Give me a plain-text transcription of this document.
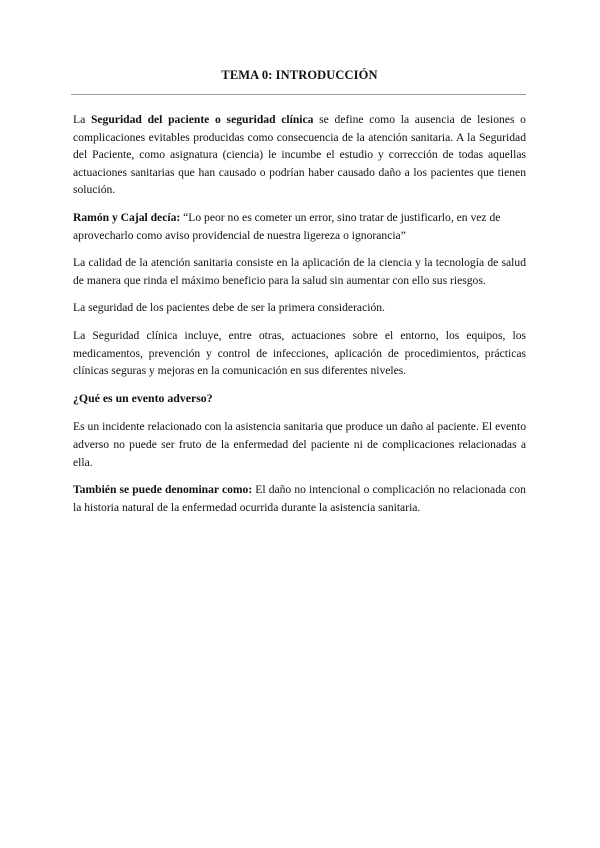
TEMA 0: INTRODUCCIÓN

La Seguridad del paciente o seguridad clínica se define como la ausencia de lesiones o complicaciones evitables producidas como consecuencia de la atención sanitaria. A la Seguridad del Paciente, como asignatura (ciencia) le incumbe el estudio y corrección de todas aquellas actuaciones sanitarias que han causado o podrían haber causado daño a los pacientes que tienen solución.

Ramón y Cajal decía: “Lo peor no es cometer un error, sino tratar de justificarlo, en vez de aprovecharlo como aviso providencial de nuestra ligereza o ignorancia”

La calidad de la atención sanitaria consiste en la aplicación de la ciencia y la tecnología de salud de manera que rinda el máximo beneficio para la salud sin aumentar con ello sus riesgos.

La seguridad de los pacientes debe de ser la primera consideración.

La Seguridad clínica incluye, entre otras, actuaciones sobre el entorno, los equipos, los medicamentos, prevención y control de infecciones, aplicación de procedimientos, prácticas clínicas seguras y mejoras en la comunicación en sus diferentes niveles.

¿Qué es un evento adverso?

Es un incidente relacionado con la asistencia sanitaria que produce un daño al paciente. El evento adverso no puede ser fruto de la enfermedad del paciente ni de complicaciones relacionadas a ella.

También se puede denominar como: El daño no intencional o complicación no relacionada con la historia natural de la enfermedad ocurrida durante la asistencia sanitaria.
